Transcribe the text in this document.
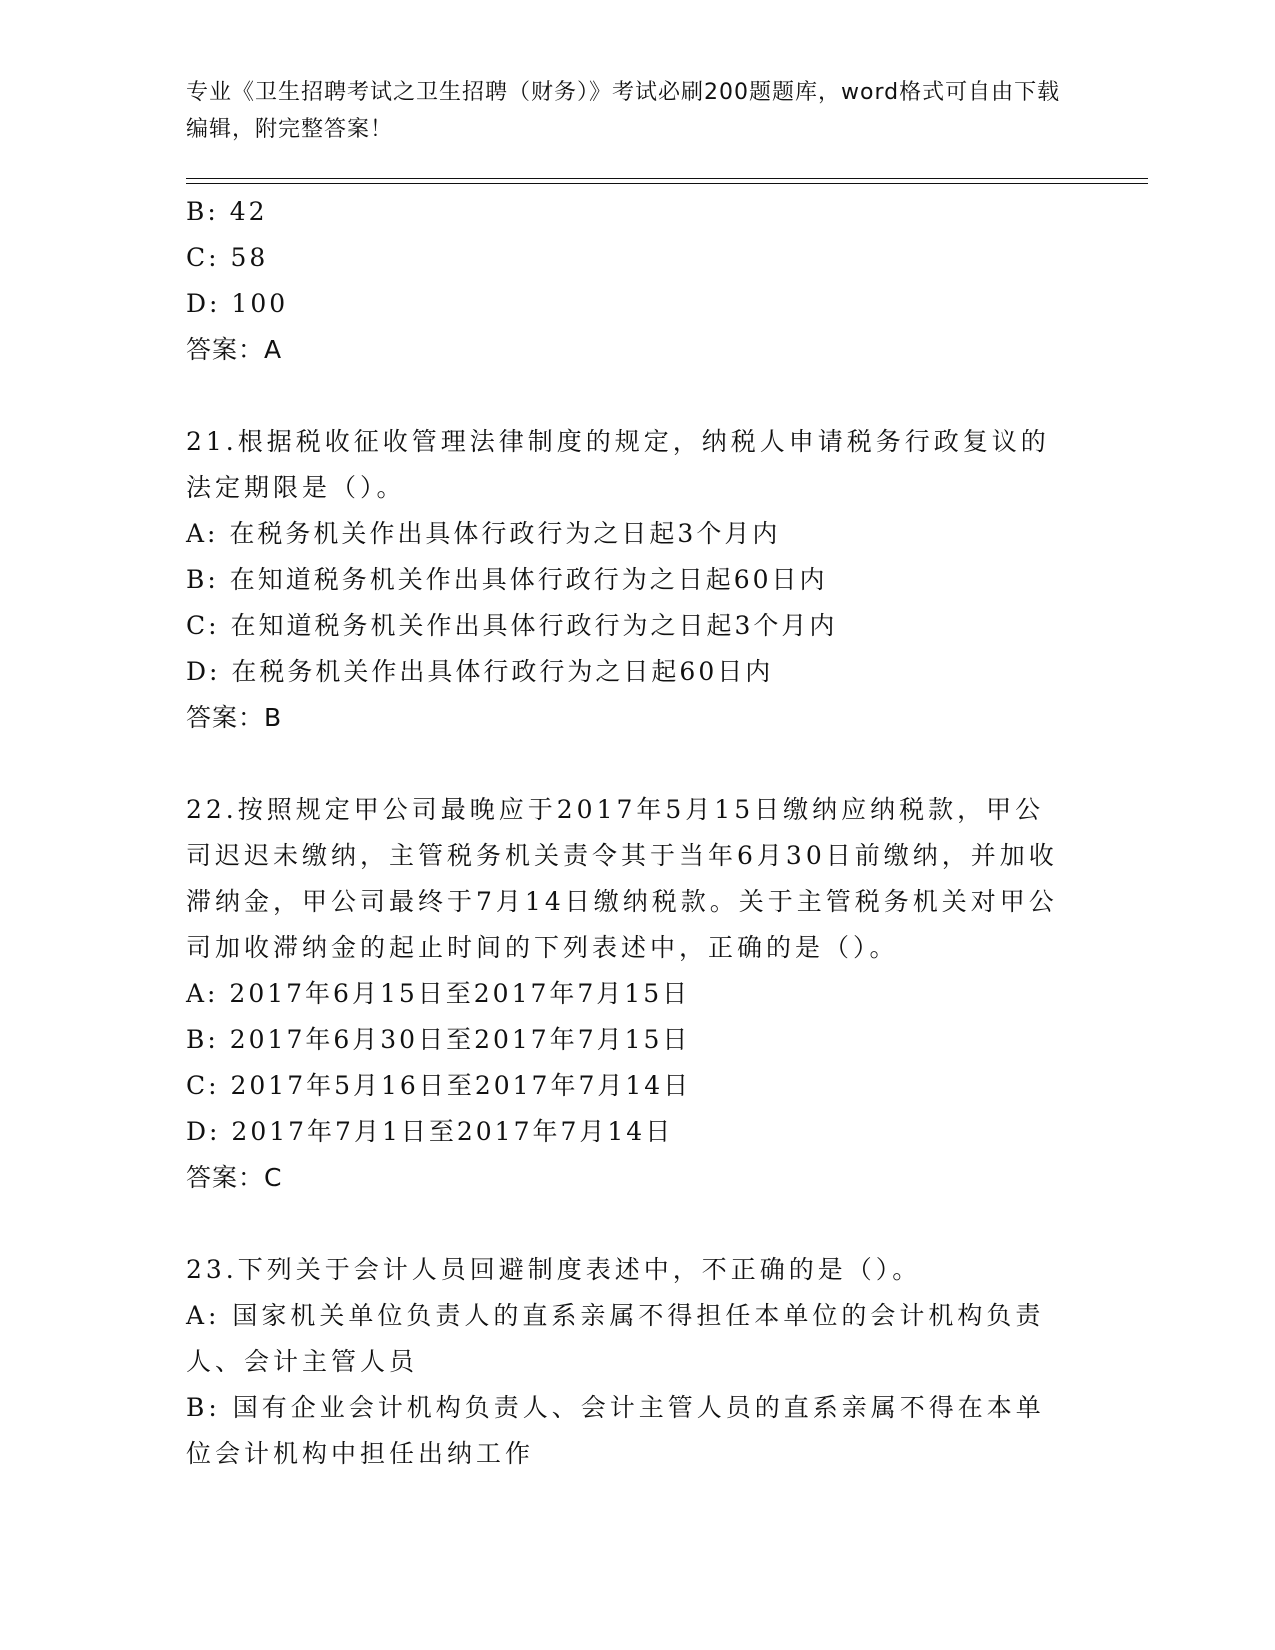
专业《卫生招聘考试之卫生招聘（财务）》考试必刷200题题库，word格式可自由下载编辑，附完整答案！
B: 42
C: 58
D: 100
答案：A
21.根据税收征收管理法律制度的规定，纳税人申请税务行政复议的法定期限是（）。
A: 在税务机关作出具体行政行为之日起3个月内
B: 在知道税务机关作出具体行政行为之日起60日内
C: 在知道税务机关作出具体行政行为之日起3个月内
D: 在税务机关作出具体行政行为之日起60日内
答案：B
22.按照规定甲公司最晚应于2017年5月15日缴纳应纳税款，甲公司迟迟未缴纳，主管税务机关责令其于当年6月30日前缴纳，并加收滞纳金，甲公司最终于7月14日缴纳税款。关于主管税务机关对甲公司加收滞纳金的起止时间的下列表述中，正确的是（）。
A: 2017年6月15日至2017年7月15日
B: 2017年6月30日至2017年7月15日
C: 2017年5月16日至2017年7月14日
D: 2017年7月1日至2017年7月14日
答案：C
23.下列关于会计人员回避制度表述中，不正确的是（）。
A: 国家机关单位负责人的直系亲属不得担任本单位的会计机构负责人、会计主管人员
B: 国有企业会计机构负责人、会计主管人员的直系亲属不得在本单位会计机构中担任出纳工作
